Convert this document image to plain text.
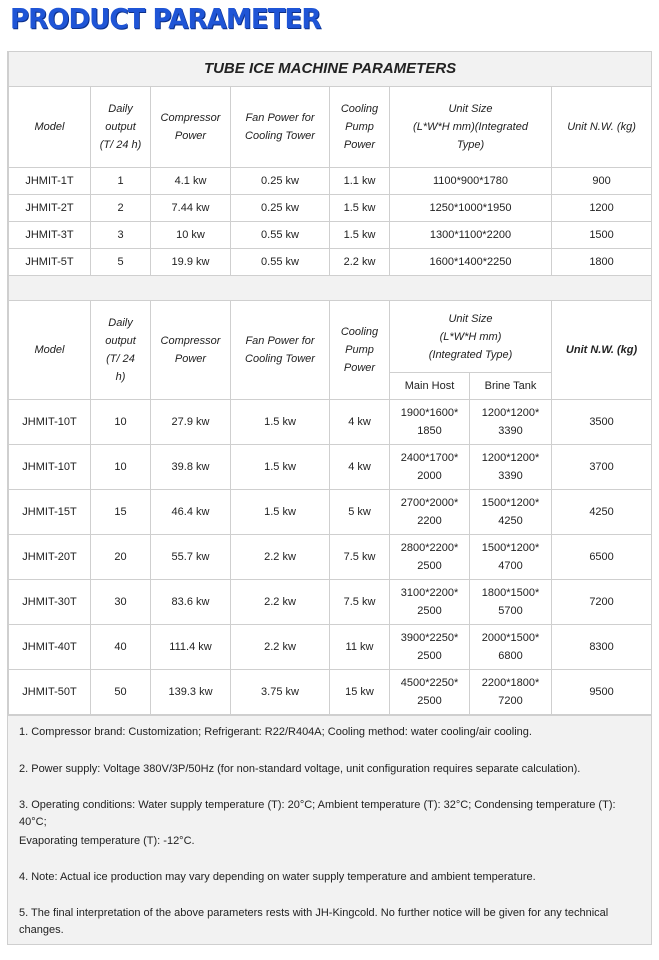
PRODUCT PARAMETER
TUBE ICE MACHINE PARAMETERS							
Model	Daily
output
(T/ 24 h)	Compressor
Power	Fan Power for
Cooling Tower	Cooling
Pump
Power	Unit Size
(L*W*H mm)(Integrated
Type)		Unit N.W. (kg)
JHMIT-1T	1	4.1 kw	0.25 kw	1.1 kw	1100*900*1780		900
JHMIT-2T	2	7.44 kw	0.25 kw	1.5 kw	1250*1000*1950		1200
JHMIT-3T	3	10 kw	0.55 kw	1.5 kw	1300*1100*2200		1500
JHMIT-5T	5	19.9 kw	0.55 kw	2.2 kw	1600*1400*2250		1800

Model	Daily
output
(T/ 24
h)	Compressor
Power	Fan Power for
Cooling Tower	Cooling
Pump
Power	Unit Size
(L*W*H mm)
(Integrated Type)		Unit N.W. (kg)
					Main Host	Brine Tank	
JHMIT-10T	10	27.9 kw	1.5 kw	4 kw	1900*1600*
1850	1200*1200*
3390	3500
JHMIT-10T	10	39.8 kw	1.5 kw	4 kw	2400*1700*
2000	1200*1200*
3390	3700
JHMIT-15T	15	46.4 kw	1.5 kw	5 kw	2700*2000*
2200	1500*1200*
4250	4250
JHMIT-20T	20	55.7 kw	2.2 kw	7.5 kw	2800*2200*
2500	1500*1200*
4700	6500
JHMIT-30T	30	83.6 kw	2.2 kw	7.5 kw	3100*2200*
2500	1800*1500*
5700	7200
JHMIT-40T	40	111.4 kw	2.2 kw	11 kw	3900*2250*
2500	2000*1500*
6800	8300
JHMIT-50T	50	139.3 kw	3.75 kw	15 kw	4500*2250*
2500	2200*1800*
7200	9500

1. Compressor brand: Customization; Refrigerant: R22/R404A; Cooling method: water cooling/air cooling.

2. Power supply: Voltage 380V/3P/50Hz (for non-standard voltage, unit configuration requires separate calculation).

3. Operating conditions: Water supply temperature (T): 20°C; Ambient temperature (T): 32°C; Condensing temperature (T): 40°C;

Evaporating temperature (T): -12°C.

4. Note: Actual ice production may vary depending on water supply temperature and ambient temperature.

5. The final interpretation of the above parameters rests with JH-Kingcold. No further notice will be given for any technical changes.
